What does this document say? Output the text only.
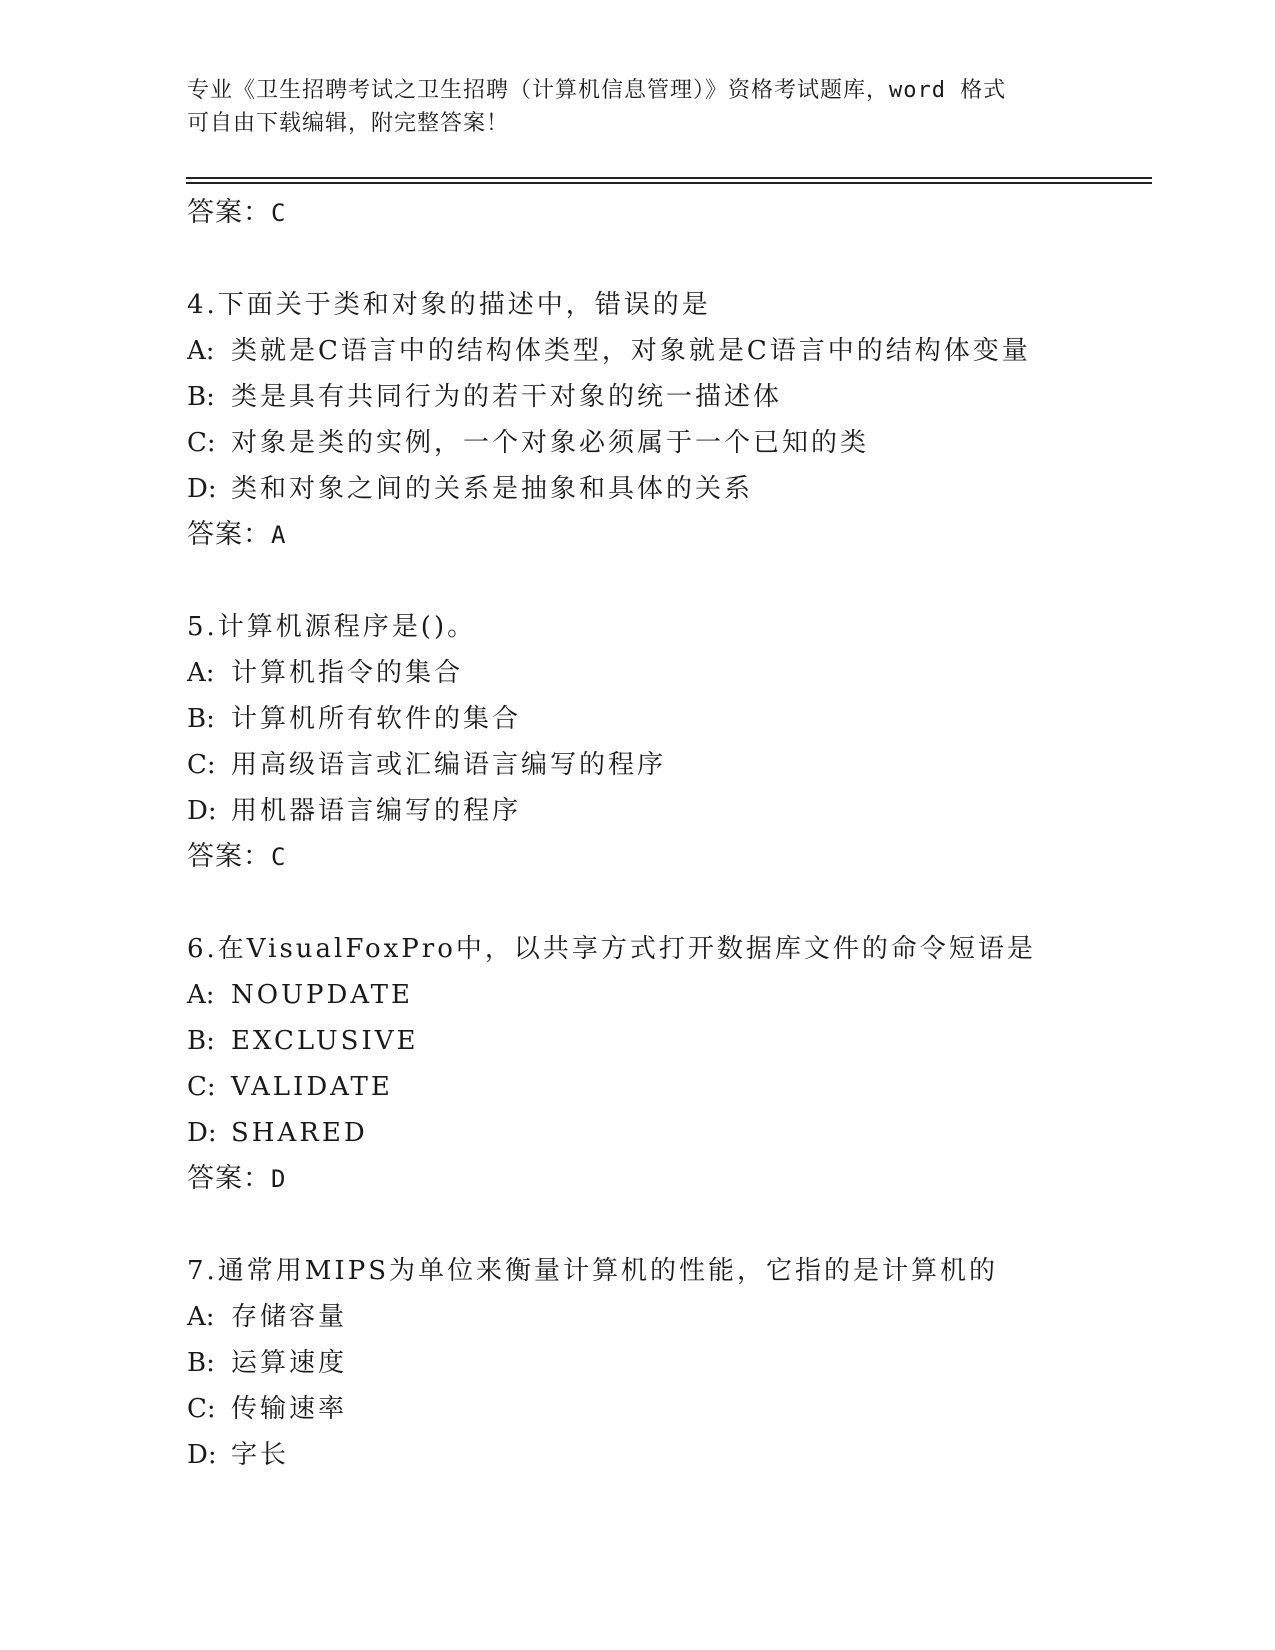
专业《卫生招聘考试之卫生招聘（计算机信息管理）》资格考试题库，word 格式
可自由下载编辑，附完整答案！
答案：C
4.下面关于类和对象的描述中，错误的是
A: 类就是C语言中的结构体类型，对象就是C语言中的结构体变量
B: 类是具有共同行为的若干对象的统一描述体
C: 对象是类的实例，一个对象必须属于一个已知的类
D: 类和对象之间的关系是抽象和具体的关系
答案：A
5.计算机源程序是()。
A: 计算机指令的集合
B: 计算机所有软件的集合
C: 用高级语言或汇编语言编写的程序
D: 用机器语言编写的程序
答案：C
6.在VisualFoxPro中，以共享方式打开数据库文件的命令短语是
A: NOUPDATE
B: EXCLUSIVE
C: VALIDATE
D: SHARED
答案：D
7.通常用MIPS为单位来衡量计算机的性能，它指的是计算机的
A: 存储容量
B: 运算速度
C: 传输速率
D: 字长
